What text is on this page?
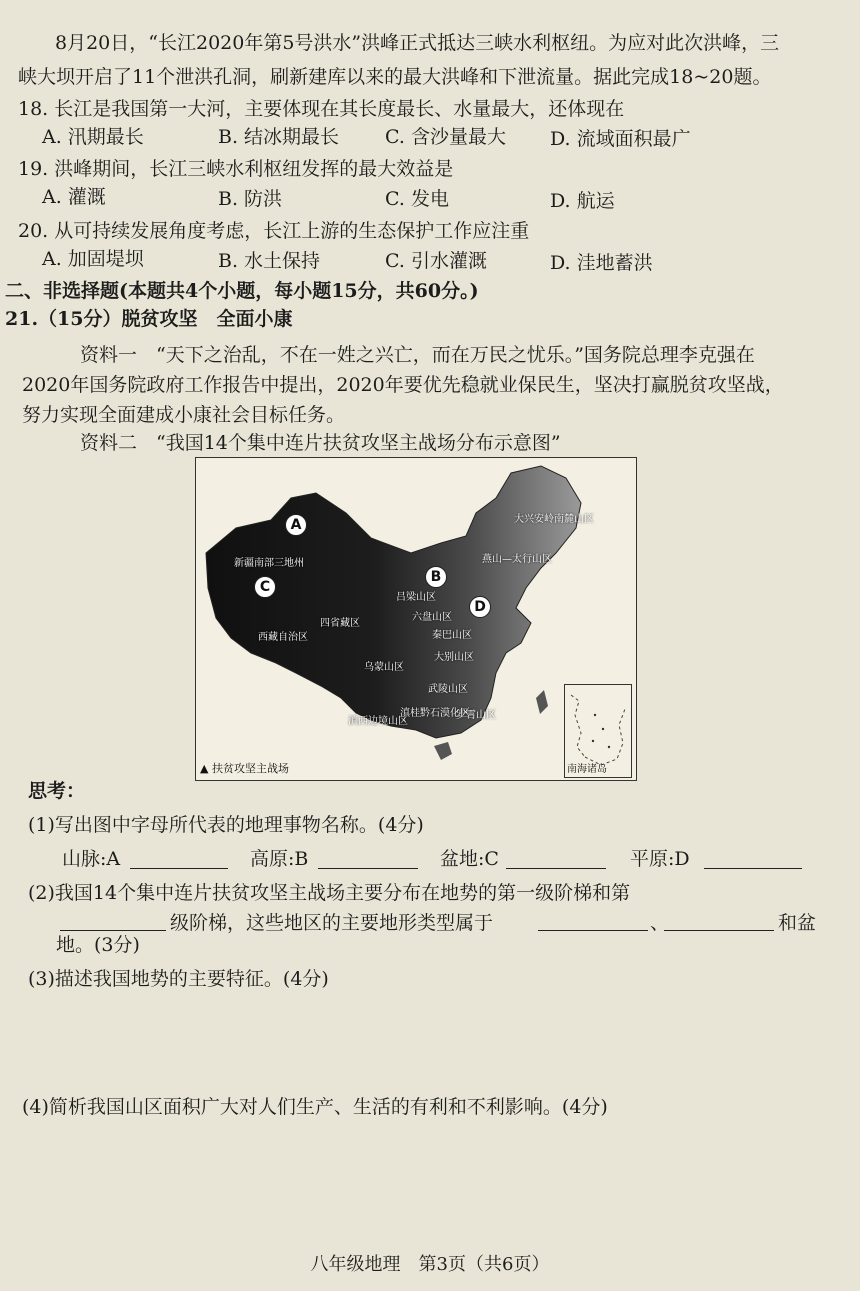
8月20日，“长江2020年第5号洪水”洪峰正式抵达三峡水利枢纽。为应对此次洪峰，三
峡大坝开启了11个泄洪孔洞，刷新建库以来的最大洪峰和下泄流量。据此完成18~20题。
18. 长江是我国第一大河，主要体现在其长度最长、水量最大，还体现在
A. 汛期最长	B. 结冰期最长 C. 含沙量最大 D. 流域面积最广
19. 洪峰期间，长江三峡水利枢纽发挥的最大效益是
A. 灌溉	B. 防洪	C. 发电	D. 航运
20. 从可持续发展角度考虑，长江上游的生态保护工作应注重
A. 加固堤坝	B. 水土保持	C. 引水灌溉	D. 洼地蓄洪
二、非选择题(本题共4个小题，每小题15分，共60分。)
21.（15分）脱贫攻坚　全面小康
资料一　“天下之治乱，不在一姓之兴亡，而在万民之忧乐。”国务院总理李克强在
2020年国务院政府工作报告中提出，2020年要优先稳就业保民生，坚决打赢脱贫攻坚战，
努力实现全面建成小康社会目标任务。
资料二　“我国14个集中连片扶贫攻坚主战场分布示意图”
A
B
C
D
大兴安岭南麓山区
燕山—太行山区
新疆南部三地州
吕梁山区
六盘山区
秦巴山区
四省藏区
西藏自治区
大别山区
乌蒙山区
武陵山区
罗霄山区
滇桂黔石漠化区
滇西边境山区
▲ 扶贫攻坚主战场	南海诸岛
思考：
(1)写出图中字母所代表的地理事物名称。(4分)
山脉:A	高原:B	盆地:C	平原:D
(2)我国14个集中连片扶贫攻坚主战场主要分布在地势的第一级阶梯和第
级阶梯，这些地区的主要地形类型属于	、	和盆
地。(3分)
(3)描述我国地势的主要特征。(4分)
(4)简析我国山区面积广大对人们生产、生活的有利和不利影响。(4分)
八年级地理　第3页（共6页）
